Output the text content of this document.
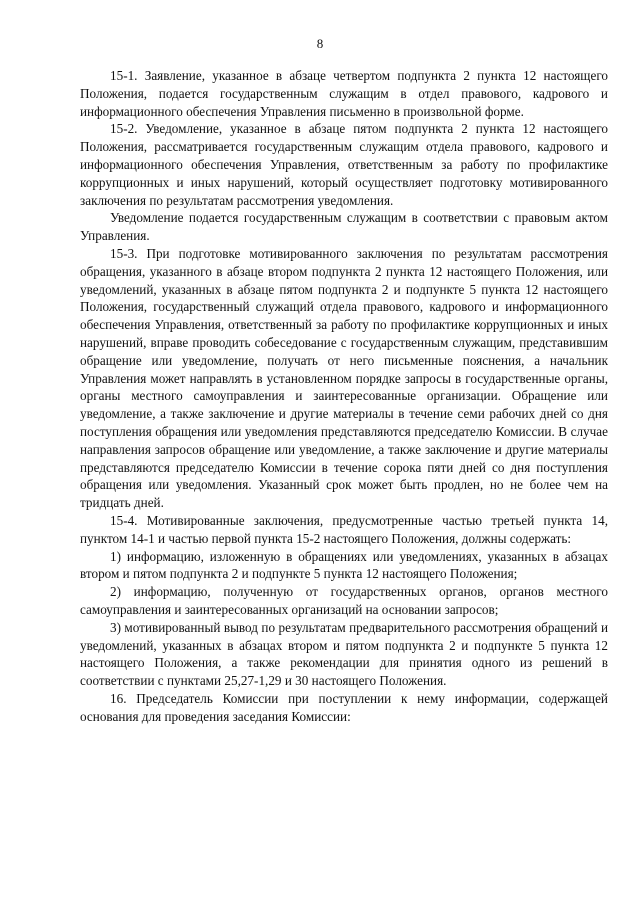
8

15-1. Заявление, указанное в абзаце четвертом подпункта 2 пункта 12 настоящего Положения, подается государственным служащим в отдел правового, кадрового и информационного обеспечения Управления письменно в произвольной форме.

15-2. Уведомление, указанное в абзаце пятом подпункта 2 пункта 12 настоящего Положения, рассматривается государственным служащим отдела правового, кадрового и информационного обеспечения Управления, ответственным за работу по профилактике коррупционных и иных нарушений, который осуществляет подготовку мотивированного заключения по результатам рассмотрения уведомления.

Уведомление подается государственным служащим в соответствии с правовым актом Управления.

15-3. При подготовке мотивированного заключения по результатам рассмотрения обращения, указанного в абзаце втором подпункта 2 пункта 12 настоящего Положения, или уведомлений, указанных в абзаце пятом подпункта 2 и подпункте 5 пункта 12 настоящего Положения, государственный служащий отдела правового, кадрового и информационного обеспечения Управления, ответственный за работу по профилактике коррупционных и иных нарушений, вправе проводить собеседование с государственным служащим, представившим обращение или уведомление, получать от него письменные пояснения, а начальник Управления может направлять в установленном порядке запросы в государственные органы, органы местного самоуправления и заинтересованные организации. Обращение или уведомление, а также заключение и другие материалы в течение семи рабочих дней со дня поступления обращения или уведомления представляются председателю Комиссии. В случае направления запросов обращение или уведомление, а также заключение и другие материалы представляются председателю Комиссии в течение сорока пяти дней со дня поступления обращения или уведомления. Указанный срок может быть продлен, но не более чем на тридцать дней.

15-4. Мотивированные заключения, предусмотренные частью третьей пункта 14, пунктом 14-1 и частью первой пункта 15-2 настоящего Положения, должны содержать:

1) информацию, изложенную в обращениях или уведомлениях, указанных в абзацах втором и пятом подпункта 2 и подпункте 5 пункта 12 настоящего Положения;

2) информацию, полученную от государственных органов, органов местного самоуправления и заинтересованных организаций на основании запросов;

3) мотивированный вывод по результатам предварительного рассмотрения обращений и уведомлений, указанных в абзацах втором и пятом подпункта 2 и подпункте 5 пункта 12 настоящего Положения, а также рекомендации для принятия одного из решений в соответствии с пунктами 25,27-1,29 и 30 настоящего Положения.

16. Председатель Комиссии при поступлении к нему информации, содержащей основания для проведения заседания Комиссии:
